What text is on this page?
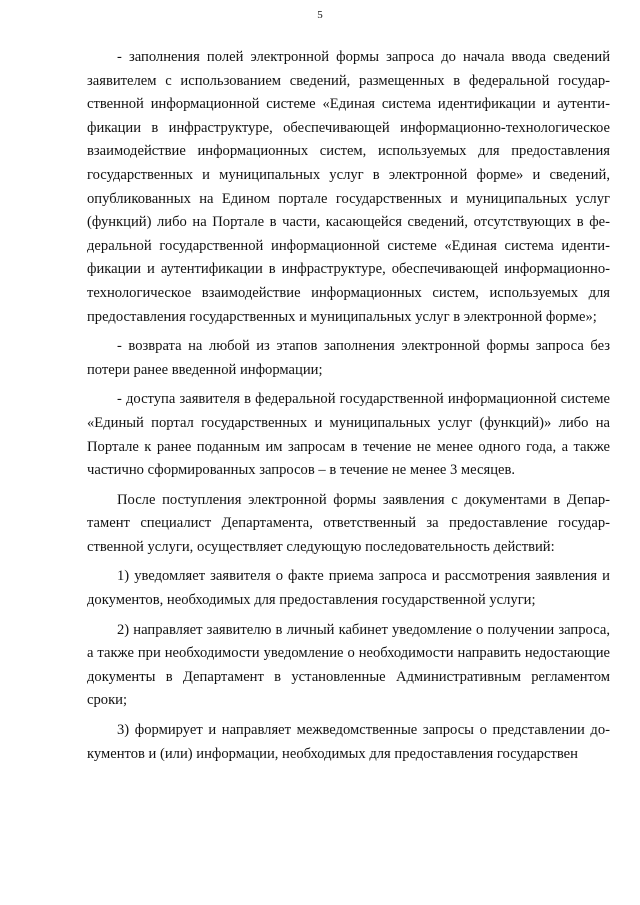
5

- заполнения полей электронной формы запроса до начала ввода сведений заявителем с использованием сведений, размещенных в федеральной государственной информационной системе «Единая система идентификации и аутентификации в инфраструктуре, обеспечивающей информационно-технологическое взаимодействие информационных систем, используемых для предоставления государственных и муниципальных услуг в электронной форме» и сведений, опубликованных на Едином портале государственных и муниципальных услуг (функций) либо на Портале в части, касающейся сведений, отсутствующих в федеральной государственной информационной системе «Единая система идентификации и аутентификации в инфраструктуре, обеспечивающей информационно-технологическое взаимодействие информационных систем, используемых для предоставления государственных и муниципальных услуг в электронной форме»;

- возврата на любой из этапов заполнения электронной формы запроса без потери ранее введенной информации;

- доступа заявителя в федеральной государственной информационной системе «Единый портал государственных и муниципальных услуг (функций)» либо на Портале к ранее поданным им запросам в течение не менее одного года, а также частично сформированных запросов – в течение не менее 3 месяцев.

После поступления электронной формы заявления с документами в Департамент специалист Департамента, ответственный за предоставление государственной услуги, осуществляет следующую последовательность действий:

1) уведомляет заявителя о факте приема запроса и рассмотрения заявления и документов, необходимых для предоставления государственной услуги;

2) направляет заявителю в личный кабинет уведомление о получении запроса, а также при необходимости уведомление о необходимости направить недостающие документы в Департамент в установленные Административным регламентом сроки;

3) формирует и направляет межведомственные запросы о представлении документов и (или) информации, необходимых для предоставления государствен
